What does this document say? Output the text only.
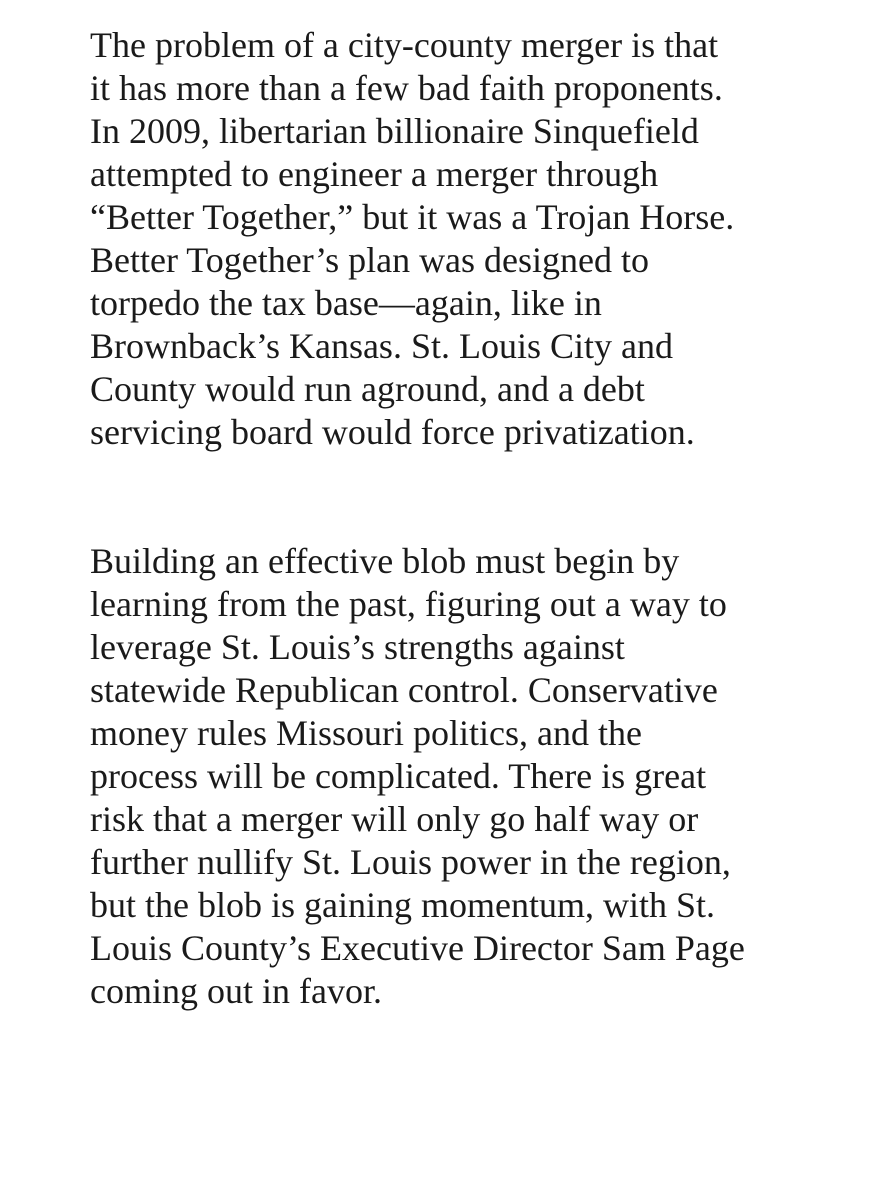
The problem of a city-county merger is that
it has more than a few bad faith proponents.
In 2009, libertarian billionaire Sinquefield
attempted to engineer a merger through
“Better Together,” but it was a Trojan Horse.
Better Together’s plan was designed to
torpedo the tax base—again, like in
Brownback’s Kansas. St. Louis City and
County would run aground, and a debt
servicing board would force privatization.

Building an effective blob must begin by
learning from the past, figuring out a way to
leverage St. Louis’s strengths against
statewide Republican control. Conservative
money rules Missouri politics, and the
process will be complicated. There is great
risk that a merger will only go half way or
further nullify St. Louis power in the region,
but the blob is gaining momentum, with St.
Louis County’s Executive Director Sam Page
coming out in favor.
